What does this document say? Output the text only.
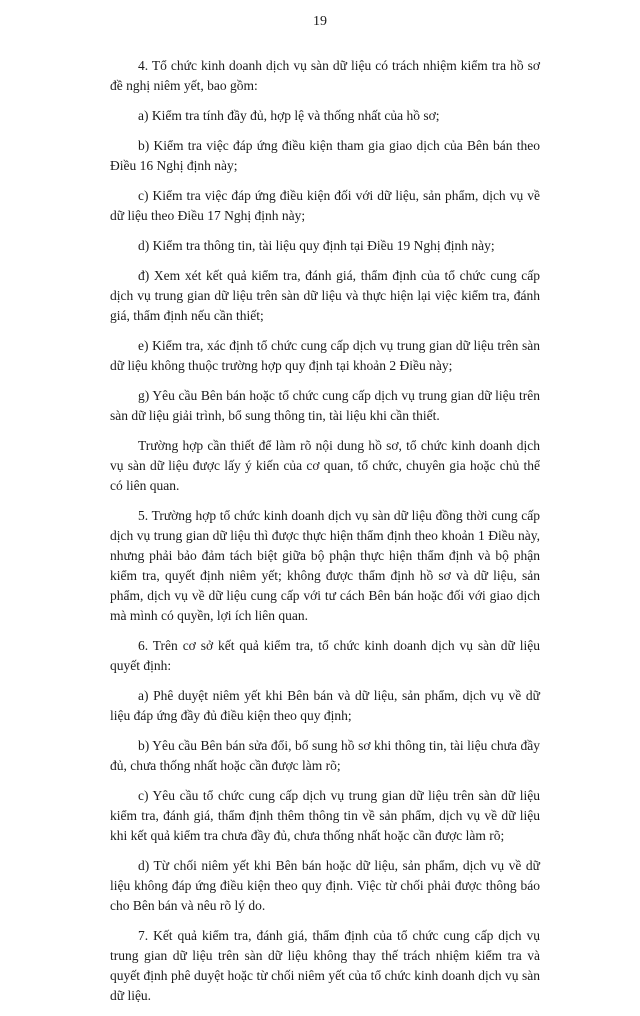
19

4. Tổ chức kinh doanh dịch vụ sàn dữ liệu có trách nhiệm kiểm tra hồ sơ đề nghị niêm yết, bao gồm:

a) Kiểm tra tính đầy đủ, hợp lệ và thống nhất của hồ sơ;

b) Kiểm tra việc đáp ứng điều kiện tham gia giao dịch của Bên bán theo Điều 16 Nghị định này;

c) Kiểm tra việc đáp ứng điều kiện đối với dữ liệu, sản phẩm, dịch vụ về dữ liệu theo Điều 17 Nghị định này;

d) Kiểm tra thông tin, tài liệu quy định tại Điều 19 Nghị định này;

đ) Xem xét kết quả kiểm tra, đánh giá, thẩm định của tổ chức cung cấp dịch vụ trung gian dữ liệu trên sàn dữ liệu và thực hiện lại việc kiểm tra, đánh giá, thẩm định nếu cần thiết;

e) Kiểm tra, xác định tổ chức cung cấp dịch vụ trung gian dữ liệu trên sàn dữ liệu không thuộc trường hợp quy định tại khoản 2 Điều này;

g) Yêu cầu Bên bán hoặc tổ chức cung cấp dịch vụ trung gian dữ liệu trên sàn dữ liệu giải trình, bổ sung thông tin, tài liệu khi cần thiết.

Trường hợp cần thiết để làm rõ nội dung hồ sơ, tổ chức kinh doanh dịch vụ sàn dữ liệu được lấy ý kiến của cơ quan, tổ chức, chuyên gia hoặc chủ thể có liên quan.

5. Trường hợp tổ chức kinh doanh dịch vụ sàn dữ liệu đồng thời cung cấp dịch vụ trung gian dữ liệu thì được thực hiện thẩm định theo khoản 1 Điều này, nhưng phải bảo đảm tách biệt giữa bộ phận thực hiện thẩm định và bộ phận kiểm tra, quyết định niêm yết; không được thẩm định hồ sơ và dữ liệu, sản phẩm, dịch vụ về dữ liệu cung cấp với tư cách Bên bán hoặc đối với giao dịch mà mình có quyền, lợi ích liên quan.

6. Trên cơ sở kết quả kiểm tra, tổ chức kinh doanh dịch vụ sàn dữ liệu quyết định:

a) Phê duyệt niêm yết khi Bên bán và dữ liệu, sản phẩm, dịch vụ về dữ liệu đáp ứng đầy đủ điều kiện theo quy định;

b) Yêu cầu Bên bán sửa đổi, bổ sung hồ sơ khi thông tin, tài liệu chưa đầy đủ, chưa thống nhất hoặc cần được làm rõ;

c) Yêu cầu tổ chức cung cấp dịch vụ trung gian dữ liệu trên sàn dữ liệu kiểm tra, đánh giá, thẩm định thêm thông tin về sản phẩm, dịch vụ về dữ liệu khi kết quả kiểm tra chưa đầy đủ, chưa thống nhất hoặc cần được làm rõ;

d) Từ chối niêm yết khi Bên bán hoặc dữ liệu, sản phẩm, dịch vụ về dữ liệu không đáp ứng điều kiện theo quy định. Việc từ chối phải được thông báo cho Bên bán và nêu rõ lý do.

7. Kết quả kiểm tra, đánh giá, thẩm định của tổ chức cung cấp dịch vụ trung gian dữ liệu trên sàn dữ liệu không thay thế trách nhiệm kiểm tra và quyết định phê duyệt hoặc từ chối niêm yết của tổ chức kinh doanh dịch vụ sàn dữ liệu.
